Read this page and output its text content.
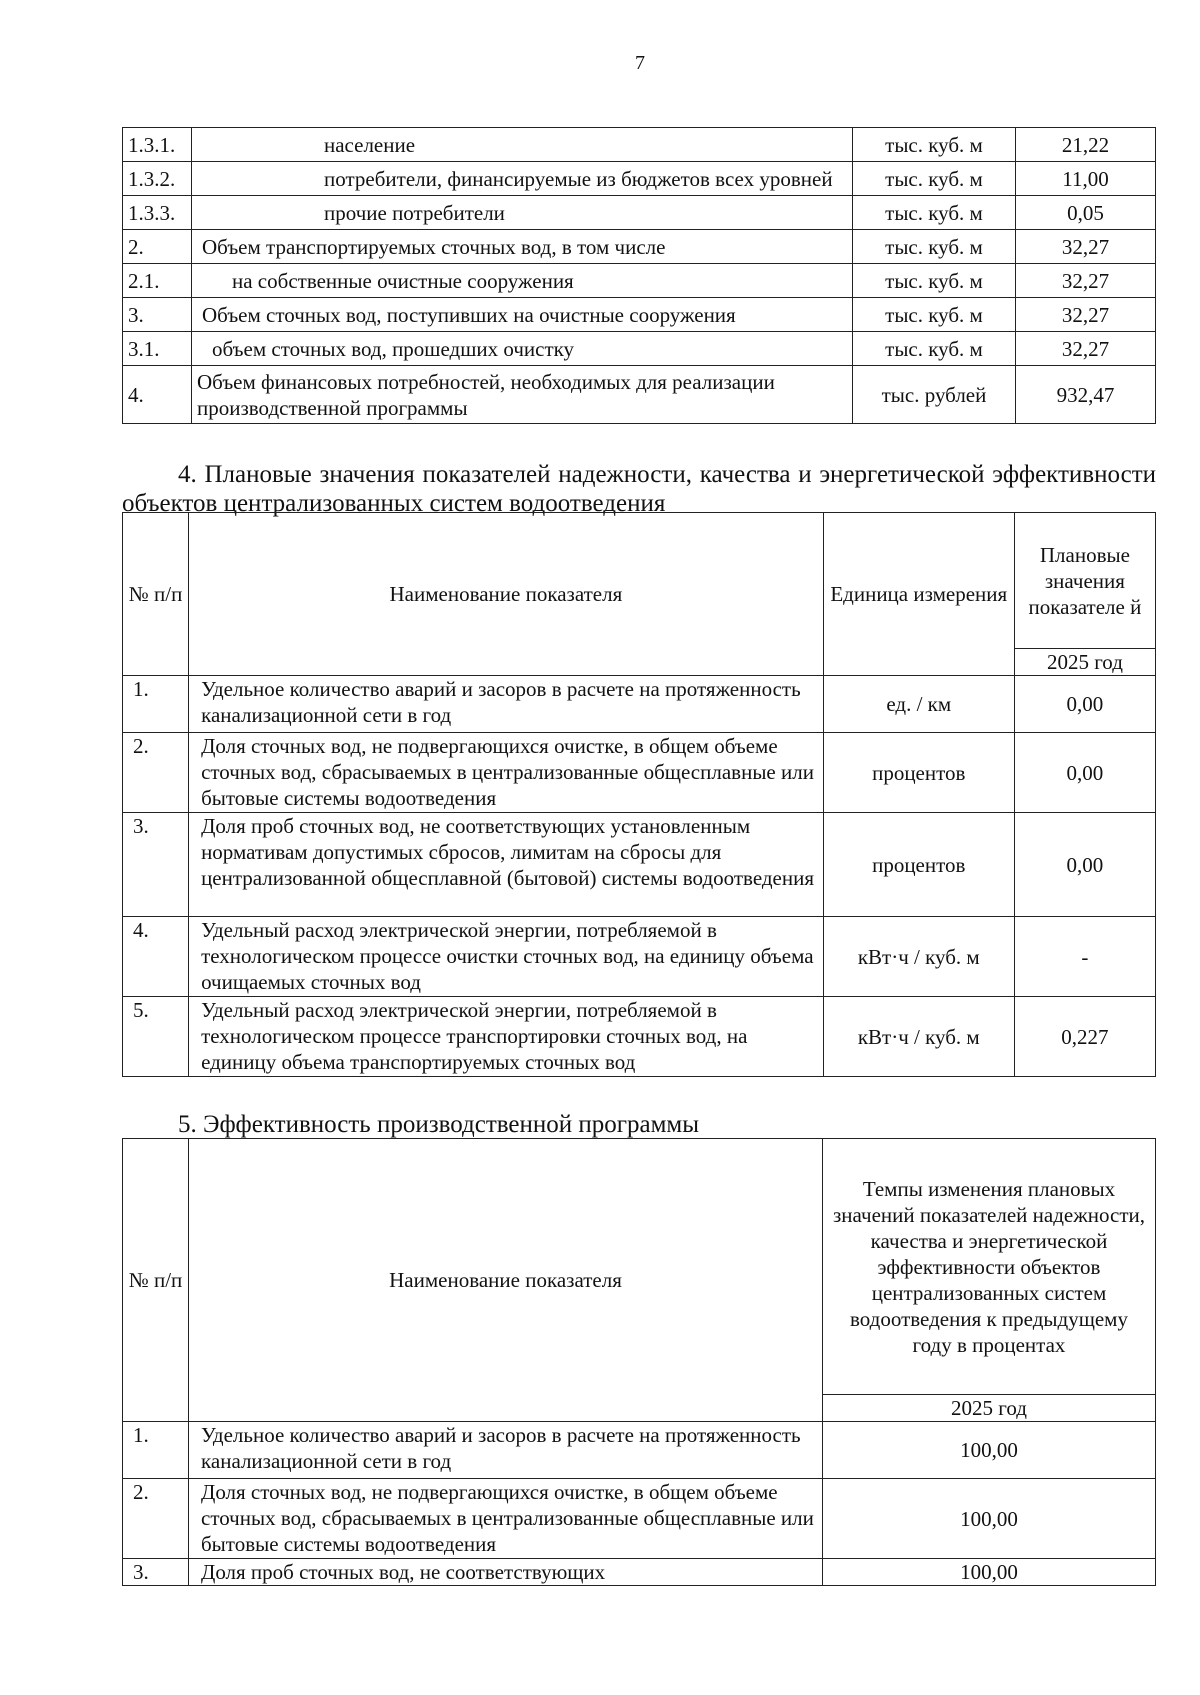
7
1.3.1.	население	тыс. куб. м	21,22
1.3.2.	потребители, финансируемые из бюджетов всех уровней	тыс. куб. м	11,00
1.3.3.	прочие потребители	тыс. куб. м	0,05
2.	Объем транспортируемых сточных вод, в том числе	тыс. куб. м	32,27
2.1.	на собственные очистные сооружения	тыс. куб. м	32,27
3.	Объем сточных вод, поступивших на очистные сооружения	тыс. куб. м	32,27
3.1.	объем сточных вод, прошедших очистку	тыс. куб. м	32,27
4.	Объем финансовых потребностей, необходимых для реализации производственной программы	тыс. рублей	932,47
4. Плановые значения показателей надежности, качества и энергетической эффективности объектов централизованных систем водоотведения
№ п/п	Наименование показателя	Единица измерения	Плановые значения показателе й
			2025 год
1.	Удельное количество аварий и засоров в расчете на протяженность канализационной сети в год	ед. / км	0,00
2.	Доля сточных вод, не подвергающихся очистке, в общем объеме сточных вод, сбрасываемых в централизованные общесплавные или бытовые системы водоотведения	процентов	0,00
3.	Доля проб сточных вод, не соответствующих установленным нормативам допустимых сбросов, лимитам на сбросы для централизованной общесплавной (бытовой) системы водоотведения	процентов	0,00
4.	Удельный расход электрической энергии, потребляемой в технологическом процессе очистки сточных вод, на единицу объема очищаемых сточных вод	кВт·ч / куб. м	-
5.	Удельный расход электрической энергии, потребляемой в технологическом процессе транспортировки сточных вод, на единицу объема транспортируемых сточных вод	кВт·ч / куб. м	0,227
5. Эффективность производственной программы
№ п/п	Наименование показателя	Темпы изменения плановых значений показателей надежности, качества и энергетической эффективности объектов централизованных систем водоотведения к предыдущему году в процентах
		2025 год
1.	Удельное количество аварий и засоров в расчете на протяженность канализационной сети в год	100,00
2.	Доля сточных вод, не подвергающихся очистке, в общем объеме сточных вод, сбрасываемых в централизованные общесплавные или бытовые системы водоотведения	100,00
3.	Доля проб сточных вод, не соответствующих	100,00
